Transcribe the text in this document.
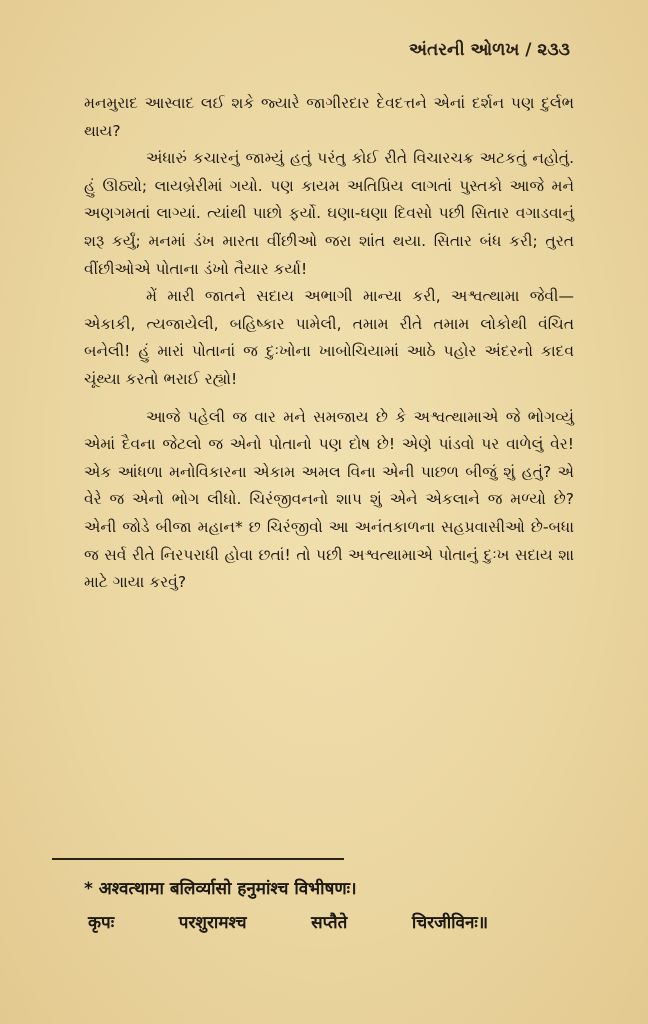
અંતરની ઓળખ / ૨૩૩

મનમુરાદ આસ્વાદ લઈ શકે જ્યારે જાગીરદાર દેવદત્તને એનાં દર્શન પણ દુર્લભ થાય?

અંધારું કચારનું જામ્યું હતું પરંતુ કોઈ રીતે વિચારચક્ર અટકતું નહોતું. હું ઊઠ્યો; લાયબ્રેરીમાં ગયો. પણ કાયમ અતિપ્રિય લાગતાં પુસ્તકો આજે મને અણગમતાં લાગ્યાં. ત્યાંથી પાછો ફર્યો. ઘણા-ઘણા દિવસો પછી સિતાર વગાડવાનું શરૂ કર્યું; મનમાં ડંખ મારતા વીંછીઓ જરા શાંત થયા. સિતાર બંધ કરી; તુરત વીંછીઓએ પોતાના ડંખો તૈયાર કર્યા!

મેં મારી જાતને સદાય અભાગી માન્યા કરી, અશ્વત્થામા જેવી—એકાકી, ત્યજાયેલી, બહિષ્કાર પામેલી, તમામ રીતે તમામ લોકોથી વંચિત બનેલી! હું મારાં પોતાનાં જ દુઃખોના ખાબોચિયામાં આઠે પહોર અંદરનો કાદવ ચૂંથ્યા કરતો ભરાઈ રહ્યો!

આજે પહેલી જ વાર મને સમજાય છે કે અશ્વત્થામાએ જે ભોગવ્યું એમાં દૈવના જેટલો જ એનો પોતાનો પણ દોષ છે! એણે પાંડવો પર વાળેલું વેર! એક આંધળા મનોવિકારના એકામ અમલ વિના એની પાછળ બીજું શું હતું? એ વેરે જ એનો ભોગ લીધો. ચિરંજીવનનો શાપ શું એને એકલાને જ મળ્યો છે? એની જોડે બીજા મહાન* છ ચિરંજીવો આ અનંતકાળના સહપ્રવાસીઓ છે-બધા જ સર્વ રીતે નિરપરાધી હોવા છતાં! તો પછી અશ્વત્થામાએ પોતાનું દુઃખ સદાય શા માટે ગાયા કરવું?

* अश्वत्थामा बलिर्व्यासो हनुमांश्च विभीषणः।
कृपः परशुरामश्च सप्तैते चिरजीविनः॥
